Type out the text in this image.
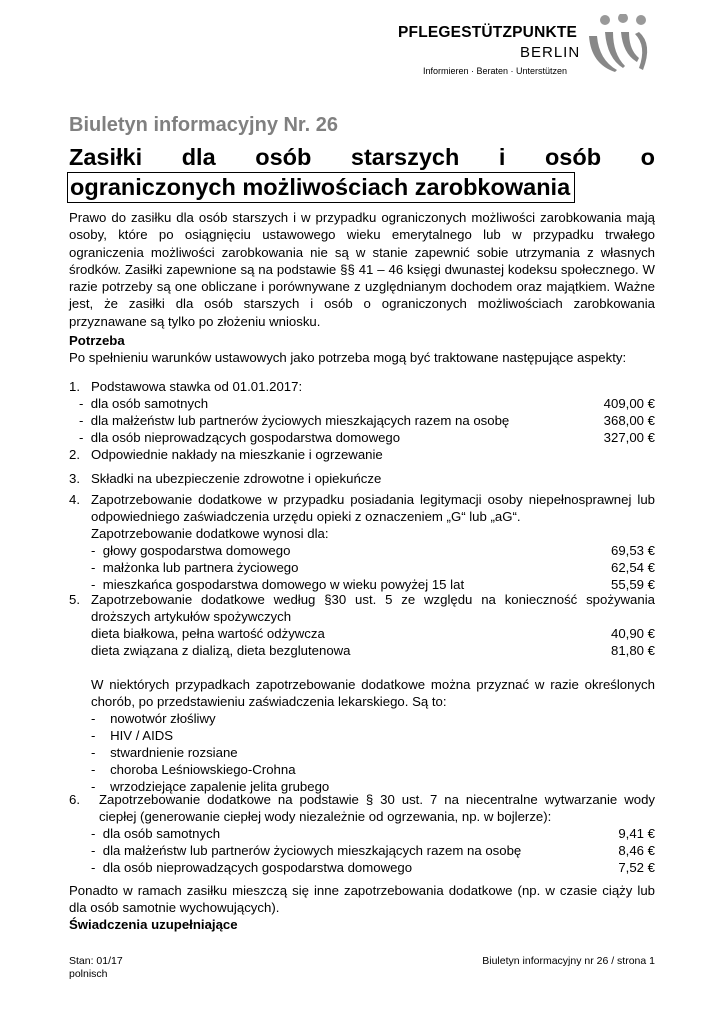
PFLEGESTÜTZPUNKTE
BERLIN
Informieren · Beraten · Unterstützen
Biuletyn informacyjny Nr. 26
Zasiłki dla osób starszych i osób o
ograniczonych możliwościach zarobkowania
Prawo do zasiłku dla osób starszych i w przypadku ograniczonych możliwości zarobkowania mają osoby, które po osiągnięciu ustawowego wieku emerytalnego lub w przypadku trwałego ograniczenia możliwości zarobkowania nie są w stanie zapewnić sobie utrzymania z własnych środków. Zasiłki zapewnione są na podstawie §§ 41 – 46 księgi dwunastej kodeksu społecznego. W razie potrzeby są one obliczane i porównywane z uzględnianym dochodem oraz majątkiem. Ważne jest, że zasiłki dla osób starszych i osób o ograniczonych możliwościach zarobkowania przyznawane są tylko po złożeniu wniosku.
Potrzeba
Po spełnieniu warunków ustawowych jako potrzeba mogą być traktowane następujące aspekty:
1. Podstawowa stawka od 01.01.2017:
-  dla osób samotnych	409,00 €
-  dla małżeństw lub partnerów życiowych mieszkających razem na osobę	368,00 €
-  dla osób nieprowadzących gospodarstwa domowego	327,00 €
2. Odpowiednie nakłady na mieszkanie i ogrzewanie
3. Składki na ubezpieczenie zdrowotne i opiekuńcze
4. Zapotrzebowanie dodatkowe w przypadku posiadania legitymacji osoby niepełnosprawnej lub odpowiedniego zaświadczenia urzędu opieki z oznaczeniem „G“ lub „aG“.
Zapotrzebowanie dodatkowe wynosi dla:
-  głowy gospodarstwa domowego	69,53 €
-  małżonka lub partnera życiowego	62,54 €
-  mieszkańca gospodarstwa domowego w wieku powyżej 15 lat	55,59 €
5. Zapotrzebowanie dodatkowe według §30 ust. 5 ze względu na konieczność spożywania droższych artykułów spożywczych
dieta białkowa, pełna wartość odżywcza	40,90 €
dieta związana z dializą, dieta bezglutenowa	81,80 €
W niektórych przypadkach zapotrzebowanie dodatkowe można przyznać w razie określonych chorób, po przedstawieniu zaświadczenia lekarskiego. Są to:
-    nowotwór złośliwy
-    HIV / AIDS
-    stwardnienie rozsiane
-    choroba Leśniowskiego-Crohna
-    wrzodziejące zapalenie jelita grubego
6.	Zapotrzebowanie dodatkowe na podstawie § 30 ust. 7 na niecentralne wytwarzanie wody ciepłej (generowanie ciepłej wody niezależnie od ogrzewania, np. w bojlerze):
-  dla osób samotnych	9,41 €
-  dla małżeństw lub partnerów życiowych mieszkających razem na osobę	8,46 €
-  dla osób nieprowadzących gospodarstwa domowego	7,52 €
Ponadto w ramach zasiłku mieszczą się inne zapotrzebowania dodatkowe (np. w czasie ciąży lub dla osób samotnie wychowujących).
Świadczenia uzupełniające
Stan: 01/17
polnisch
Biuletyn informacyjny nr 26 / strona 1
